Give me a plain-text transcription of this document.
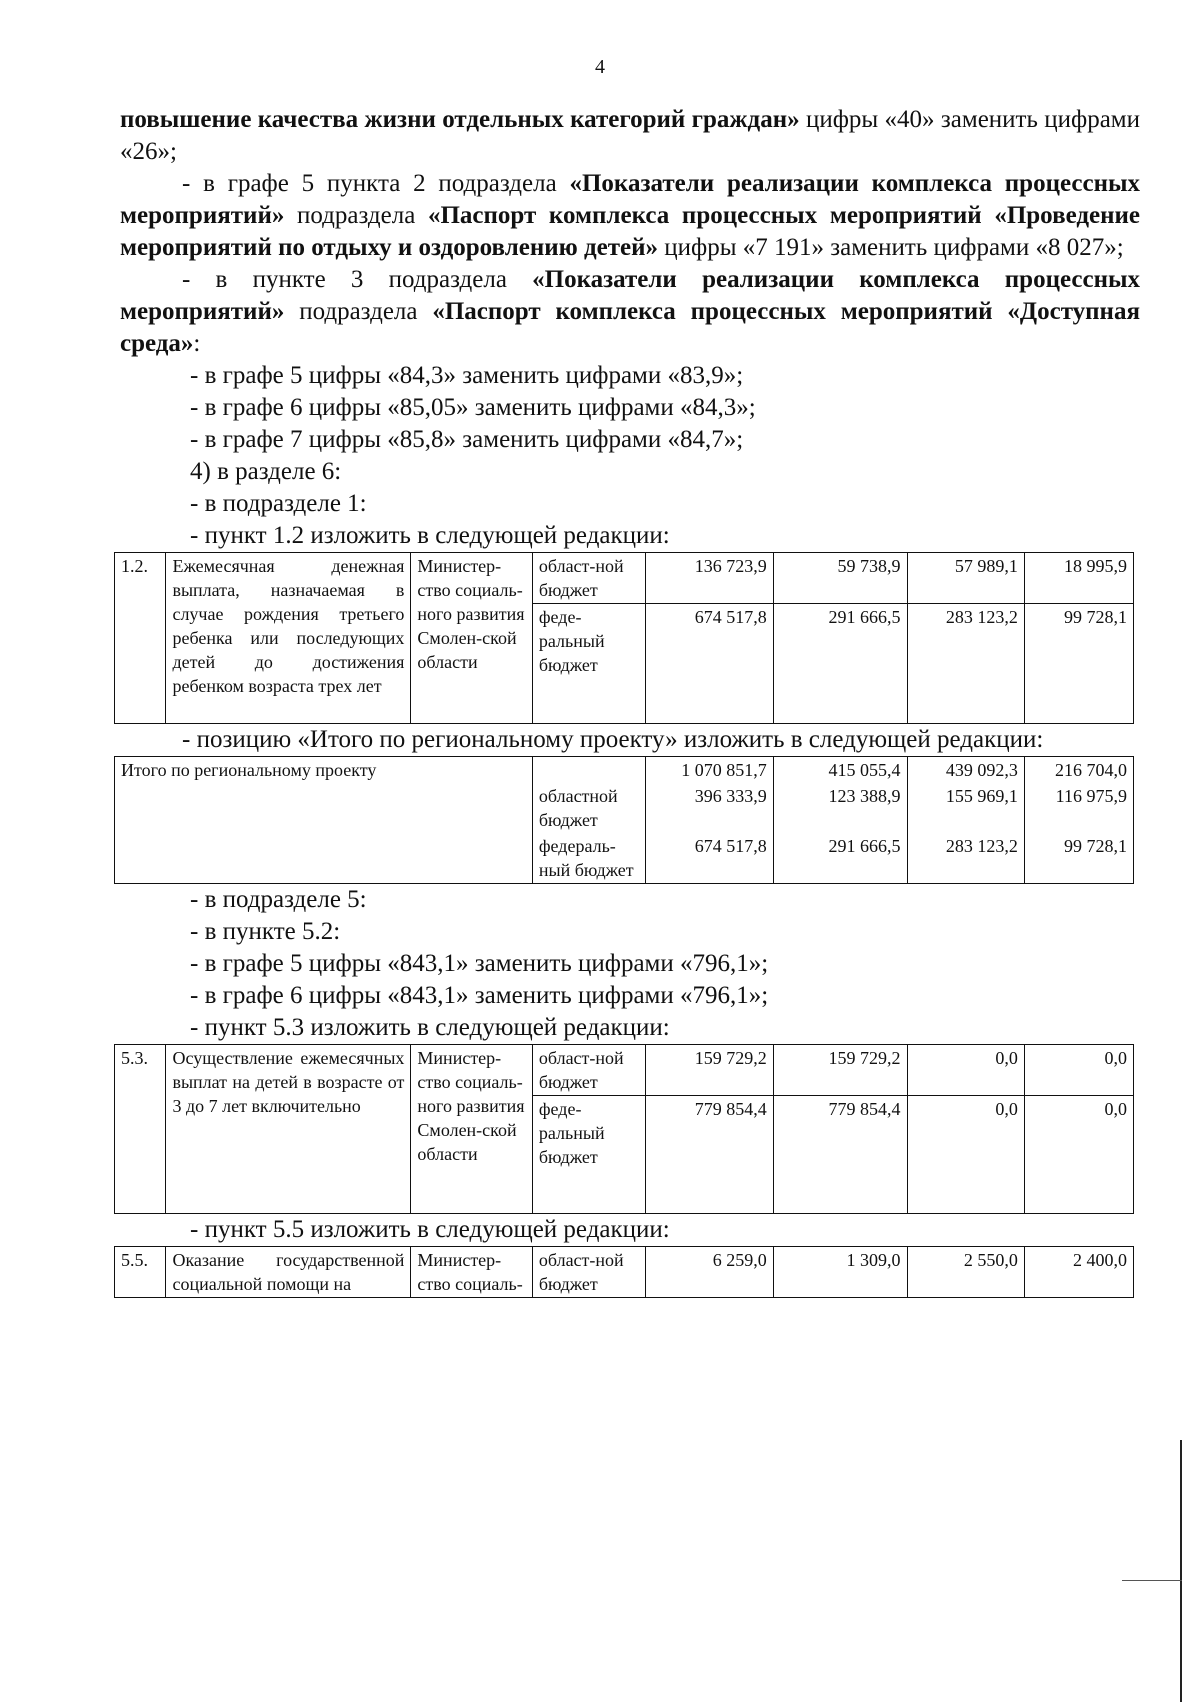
4

повышение качества жизни отдельных категорий граждан» цифры «40» заменить цифрами «26»;

- в графе 5 пункта 2 подраздела «Показатели реализации комплекса процессных мероприятий» подраздела «Паспорт комплекса процессных мероприятий «Проведение мероприятий по отдыху и оздоровлению детей» цифры «7 191» заменить цифрами «8 027»;

- в пункте 3 подраздела «Показатели реализации комплекса процессных мероприятий» подраздела «Паспорт комплекса процессных мероприятий «Доступная среда»:

- в графе 5 цифры «84,3» заменить цифрами «83,9»;

- в графе 6 цифры «85,05» заменить цифрами «84,3»;

- в графе 7 цифры «85,8» заменить цифрами «84,7»;

4) в разделе 6:

- в подразделе 1:

- пункт 1.2 изложить в следующей редакции:

1.2.	Ежемесячная денежная выплата, назначаемая в случае рождения третьего ребенка или последующих детей до достижения ребенком возраста трех лет	Министер-ство социаль-ного развития Смолен-ской области	област-ной бюджет	136 723,9	59 738,9	57 989,1	18 995,9
			феде-ральный бюджет	674 517,8	291 666,5	283 123,2	99 728,1

- позицию «Итого по региональному проекту» изложить в следующей редакции:

Итого по региональному проекту		1 070 851,7	415 055,4	439 092,3	216 704,0
	областной бюджет	396 333,9	123 388,9	155 969,1	116 975,9
	федераль-ный бюджет	674 517,8	291 666,5	283 123,2	99 728,1

- в подразделе 5:

- в пункте 5.2:

- в графе 5 цифры «843,1» заменить цифрами «796,1»;

- в графе 6 цифры «843,1» заменить цифрами «796,1»;

- пункт 5.3 изложить в следующей редакции:

5.3.	Осуществление ежемесячных выплат на детей в возрасте от 3 до 7 лет включительно	Министер-ство социаль-ного развития Смолен-ской области	област-ной бюджет	159 729,2	159 729,2	0,0	0,0
			феде-ральный бюджет	779 854,4	779 854,4	0,0	0,0

- пункт 5.5 изложить в следующей редакции:

5.5.	Оказание государственной социальной помощи на	Министер-ство социаль-	област-ной бюджет	6 259,0	1 309,0	2 550,0	2 400,0
